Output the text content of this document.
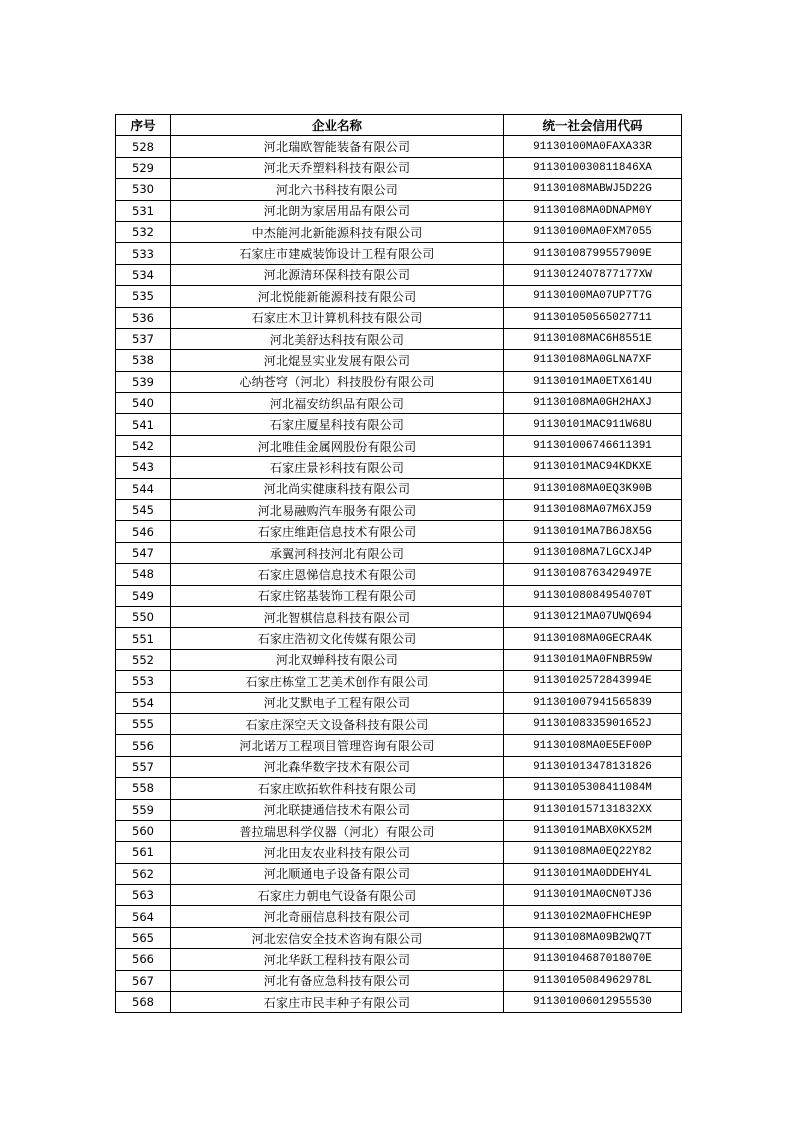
序号	企业名称	统一社会信用代码
528	河北瑞欧智能装备有限公司	91130100MA0FAXA33R
529	河北天乔塑料科技有限公司	9113010030811846XA
530	河北六书科技有限公司	91130108MABWJ5D22G
531	河北朗为家居用品有限公司	91130108MA0DNAPM0Y
532	中杰能河北新能源科技有限公司	91130100MA0FXM7055
533	石家庄市建威装饰设计工程有限公司	91130108799557909E
534	河北源清环保科技有限公司	91130124O7877177XW
535	河北悦能新能源科技有限公司	91130100MA07UP7T7G
536	石家庄木卫计算机科技有限公司	911301050565027711
537	河北美舒达科技有限公司	91130108MAC6H8551E
538	河北焜昱实业发展有限公司	91130108MA0GLNA7XF
539	心纳苍穹（河北）科技股份有限公司	91130101MA0ETX614U
540	河北福安纺织品有限公司	91130108MA0GH2HAXJ
541	石家庄厦星科技有限公司	91130101MAC911W68U
542	河北唯佳金属网股份有限公司	911301006746611391
543	石家庄景衫科技有限公司	91130101MAC94KDKXE
544	河北尚实健康科技有限公司	91130108MA0EQ3K90B
545	河北易融购汽车服务有限公司	91130108MA07M6XJ59
546	石家庄维距信息技术有限公司	91130101MA7B6J8X5G
547	承翼河科技河北有限公司	91130108MA7LGCXJ4P
548	石家庄恩悌信息技术有限公司	91130108763429497E
549	石家庄铭基装饰工程有限公司	91130108084954070T
550	河北智棋信息科技有限公司	91130121MA07UWQ694
551	石家庄浩初文化传媒有限公司	91130108MA0GECRA4K
552	河北双蝉科技有限公司	91130101MA0FNBR59W
553	石家庄栋堂工艺美术创作有限公司	91130102572843994E
554	河北艾默电子工程有限公司	911301007941565839
555	石家庄深空天文设备科技有限公司	91130108335901652J
556	河北诺万工程项目管理咨询有限公司	91130108MA0E5EF00P
557	河北森华数字技术有限公司	911301013478131826
558	石家庄欧拓软件科技有限公司	91130105308411084M
559	河北联捷通信技术有限公司	9113010157131832XX
560	普拉瑞思科学仪器（河北）有限公司	91130101MABX0KX52M
561	河北田友农业科技有限公司	91130108MA0EQ22Y82
562	河北顺通电子设备有限公司	91130101MA0DDEHY4L
563	石家庄力朝电气设备有限公司	91130101MA0CN0TJ36
564	河北奇丽信息科技有限公司	91130102MA0FHCHE9P
565	河北宏信安全技术咨询有限公司	91130108MA09B2WQ7T
566	河北华跃工程科技有限公司	91130104687018070E
567	河北有备应急科技有限公司	91130105084962978L
568	石家庄市民丰种子有限公司	911301006012955530
